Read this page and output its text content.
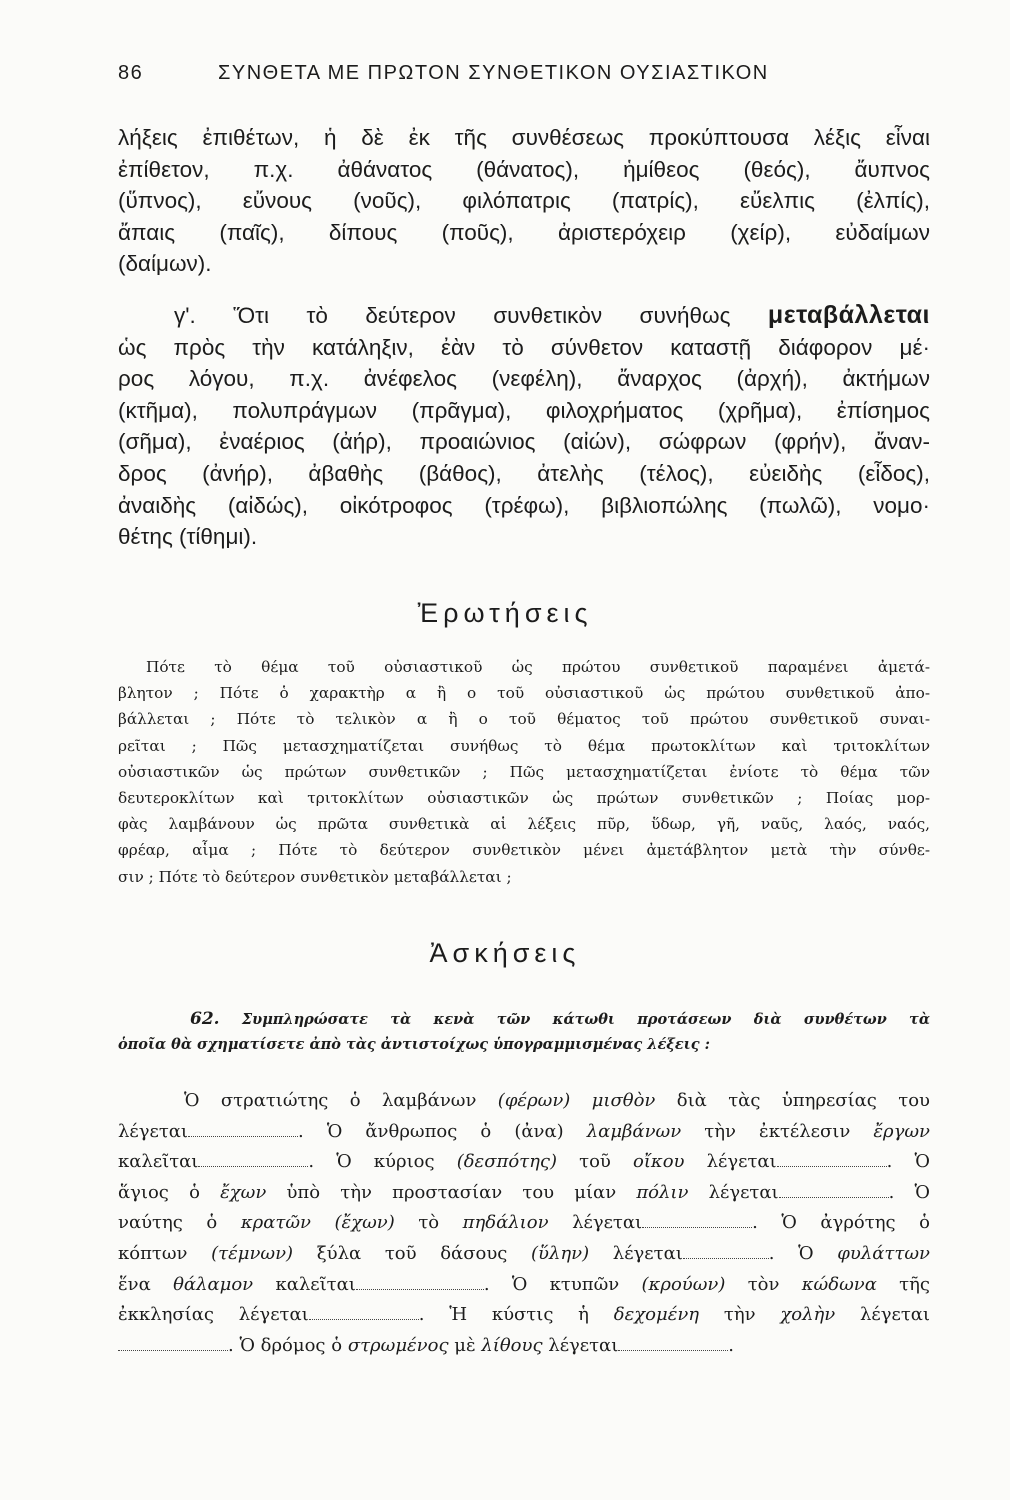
86	ΣΥΝΘΕΤΑ ΜΕ ΠΡΩΤΟΝ ΣΥΝΘΕΤΙΚΟΝ ΟΥΣΙΑΣΤΙΚΟΝ
λήξεις ἐπιθέτων, ἡ δὲ ἐκ τῆς συνθέσεως προκύπτουσα λέξις εἶναι
ἐπίθετον, π.χ. ἀθάνατος (θάνατος), ἡμίθεος (θεός), ἄυπνος
(ὕπνος), εὔνους (νοῦς), φιλόπατρις (πατρίς), εὔελπις (ἐλπίς),
ἄπαις (παῖς), δίπους (ποῦς), ἀριστερόχειρ (χείρ), εὐδαίμων
(δαίμων).
γ'. Ὅτι τὸ δεύτερον συνθετικὸν συνήθως μεταβάλλεται
ὡς πρὸς τὴν κατάληξιν, ἐὰν τὸ σύνθετον καταστῇ διάφορον μέ·
ρος λόγου, π.χ. ἀνέφελος (νεφέλη), ἄναρχος (ἀρχή), ἀκτήμων
(κτῆμα), πολυπράγμων (πρᾶγμα), φιλοχρήματος (χρῆμα), ἐπίσημος
(σῆμα), ἐναέριος (ἀήρ), προαιώνιος (αἰών), σώφρων (φρήν), ἄναν-
δρος (ἀνήρ), ἀβαθὴς (βάθος), ἀτελὴς (τέλος), εὐειδὴς (εἶδος),
ἀναιδὴς (αἰδώς), οἰκότροφος (τρέφω), βιβλιοπώλης (πωλῶ), νομο·
θέτης (τίθημι).
Ἐρωτήσεις
Πότε τὸ θέμα τοῦ οὐσιαστικοῦ ὡς πρώτου συνθετικοῦ παραμένει ἀμετά-
βλητον ; Πότε ὁ χαρακτὴρ α ἢ ο τοῦ οὐσιαστικοῦ ὡς πρώτου συνθετικοῦ ἀπο-
βάλλεται ; Πότε τὸ τελικὸν α ἢ ο τοῦ θέματος τοῦ πρώτου συνθετικοῦ συναι-
ρεῖται ; Πῶς μετασχηματίζεται συνήθως τὸ θέμα πρωτοκλίτων καὶ τριτοκλίτων
οὐσιαστικῶν ὡς πρώτων συνθετικῶν ; Πῶς μετασχηματίζεται ἐνίοτε τὸ θέμα τῶν
δευτεροκλίτων καὶ τριτοκλίτων οὐσιαστικῶν ὡς πρώτων συνθετικῶν ; Ποίας μορ-
φὰς λαμβάνουν ὡς πρῶτα συνθετικὰ αἱ λέξεις πῦρ, ὕδωρ, γῆ, ναῦς, λαός, ναός,
φρέαρ, αἷμα ; Πότε τὸ δεύτερον συνθετικὸν μένει ἀμετάβλητον μετὰ τὴν σύνθε-
σιν ; Πότε τὸ δεύτερον συνθετικὸν μεταβάλλεται ;
Ἀσκήσεις
62. Συμπληρώσατε τὰ κενὰ τῶν κάτωθι προτάσεων διὰ συνθέτων τὰ
ὁποῖα θὰ σχηματίσετε ἀπὸ τὰς ἀντιστοίχως ὑπογραμμισμένας λέξεις :
Ὁ στρατιώτης ὁ λαμβάνων (φέρων) μισθὸν διὰ τὰς ὑπηρεσίας του
λέγεται	. Ὁ ἄνθρωπος ὁ (ἀνα) λαμβάνων τὴν ἐκτέλεσιν ἔργων
καλεῖται	. Ὁ κύριος (δεσπότης) τοῦ οἴκου λέγεται	. Ὁ
ἅγιος ὁ ἔχων ὑπὸ τὴν προστασίαν του μίαν πόλιν λέγεται	. Ὁ
ναύτης ὁ κρατῶν (ἔχων) τὸ πηδάλιον λέγεται	. Ὁ ἀγρότης ὁ
κόπτων (τέμνων) ξύλα τοῦ δάσους (ὕλην) λέγεται	. Ὁ φυλάττων
ἕνα θάλαμον καλεῖται	. Ὁ κτυπῶν (κρούων) τὸν κώδωνα τῆς
ἐκκλησίας λέγεται	. Ἡ κύστις ἡ δεχομένη τὴν χολὴν λέγεται
. Ὁ δρόμος ὁ στρωμένος μὲ λίθους λέγεται	.
